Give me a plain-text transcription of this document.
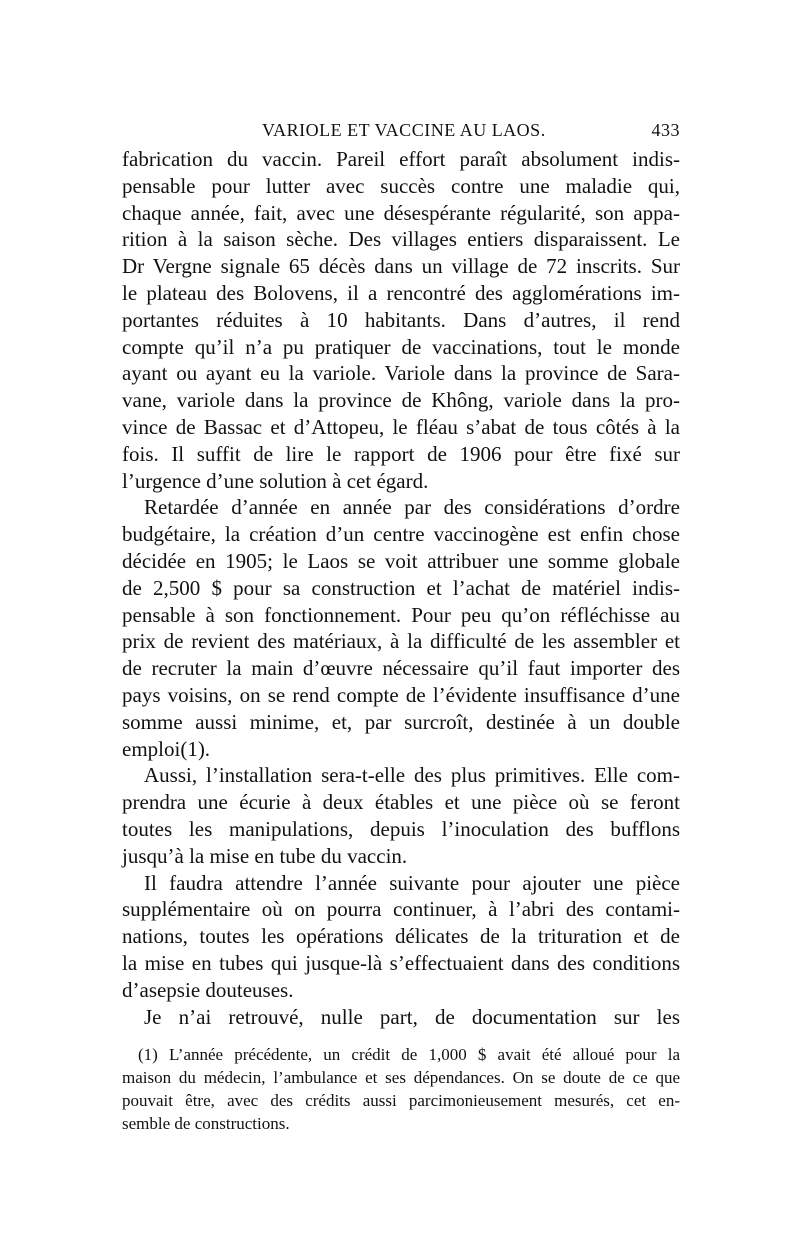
VARIOLE ET VACCINE AU LAOS.	433
fabrication du vaccin. Pareil effort paraît absolument indis-
pensable pour lutter avec succès contre une maladie qui,
chaque année, fait, avec une désespérante régularité, son appa-
rition à la saison sèche. Des villages entiers disparaissent. Le
Dr Vergne signale 65 décès dans un village de 72 inscrits. Sur
le plateau des Bolovens, il a rencontré des agglomérations im-
portantes réduites à 10 habitants. Dans d’autres, il rend
compte qu’il n’a pu pratiquer de vaccinations, tout le monde
ayant ou ayant eu la variole. Variole dans la province de Sara-
vane, variole dans la province de Không, variole dans la pro-
vince de Bassac et d’Attopeu, le fléau s’abat de tous côtés à la
fois. Il suffit de lire le rapport de 1906 pour être fixé sur
l’urgence d’une solution à cet égard.
Retardée d’année en année par des considérations d’ordre
budgétaire, la création d’un centre vaccinogène est enfin chose
décidée en 1905; le Laos se voit attribuer une somme globale
de 2,500 $ pour sa construction et l’achat de matériel indis-
pensable à son fonctionnement. Pour peu qu’on réfléchisse au
prix de revient des matériaux, à la difficulté de les assembler et
de recruter la main d’œuvre nécessaire qu’il faut importer des
pays voisins, on se rend compte de l’évidente insuffisance d’une
somme aussi minime, et, par surcroît, destinée à un double
emploi(1).
Aussi, l’installation sera-t-elle des plus primitives. Elle com-
prendra une écurie à deux étables et une pièce où se feront
toutes les manipulations, depuis l’inoculation des bufflons
jusqu’à la mise en tube du vaccin.
Il faudra attendre l’année suivante pour ajouter une pièce
supplémentaire où on pourra continuer, à l’abri des contami-
nations, toutes les opérations délicates de la trituration et de
la mise en tubes qui jusque-là s’effectuaient dans des conditions
d’asepsie douteuses.
Je n’ai retrouvé, nulle part, de documentation sur les
(1) L’année précédente, un crédit de 1,000 $ avait été alloué pour la
maison du médecin, l’ambulance et ses dépendances. On se doute de ce que
pouvait être, avec des crédits aussi parcimonieusement mesurés, cet en-
semble de constructions.
